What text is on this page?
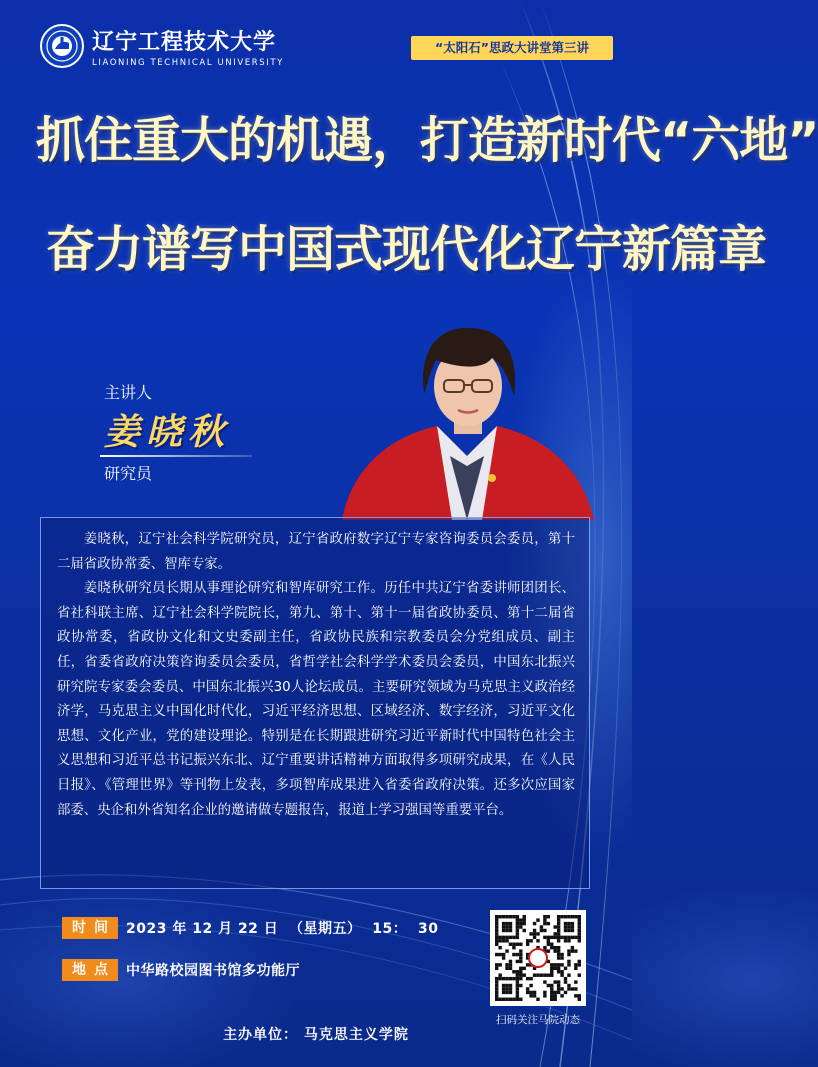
辽宁工程技术大学
LIAONING TECHNICAL UNIVERSITY
“太阳石”思政大讲堂第三讲
抓住重大的机遇，打造新时代“六地”
奋力谱写中国式现代化辽宁新篇章
主讲人
姜晓秋
研究员

姜晓秋，辽宁社会科学院研究员，辽宁省政府数字辽宁专家咨询委员会委员，第十二届省政协常委、智库专家。

姜晓秋研究员长期从事理论研究和智库研究工作。历任中共辽宁省委讲师团团长、省社科联主席、辽宁社会科学院院长，第九、第十、第十一届省政协委员、第十二届省政协常委，省政协文化和文史委副主任，省政协民族和宗教委员会分党组成员、副主任，省委省政府决策咨询委员会委员，省哲学社会科学学术委员会委员，中国东北振兴研究院专家委会委员、中国东北振兴30人论坛成员。主要研究领域为马克思主义政治经济学，马克思主义中国化时代化，习近平经济思想、区域经济、数字经济，习近平文化思想、文化产业，党的建设理论。特别是在长期跟进研究习近平新时代中国特色社会主义思想和习近平总书记振兴东北、辽宁重要讲话精神方面取得多项研究成果，在《人民日报》、《管理世界》等刊物上发表，多项智库成果进入省委省政府决策。还多次应国家部委、央企和外省知名企业的邀请做专题报告，报道上学习强国等重要平台。

时间 2023 年 12 月 22 日  （星期五）  15：  30
地点 中华路校园图书馆多功能厅
扫码关注马院动态
主办单位： 马克思主义学院
